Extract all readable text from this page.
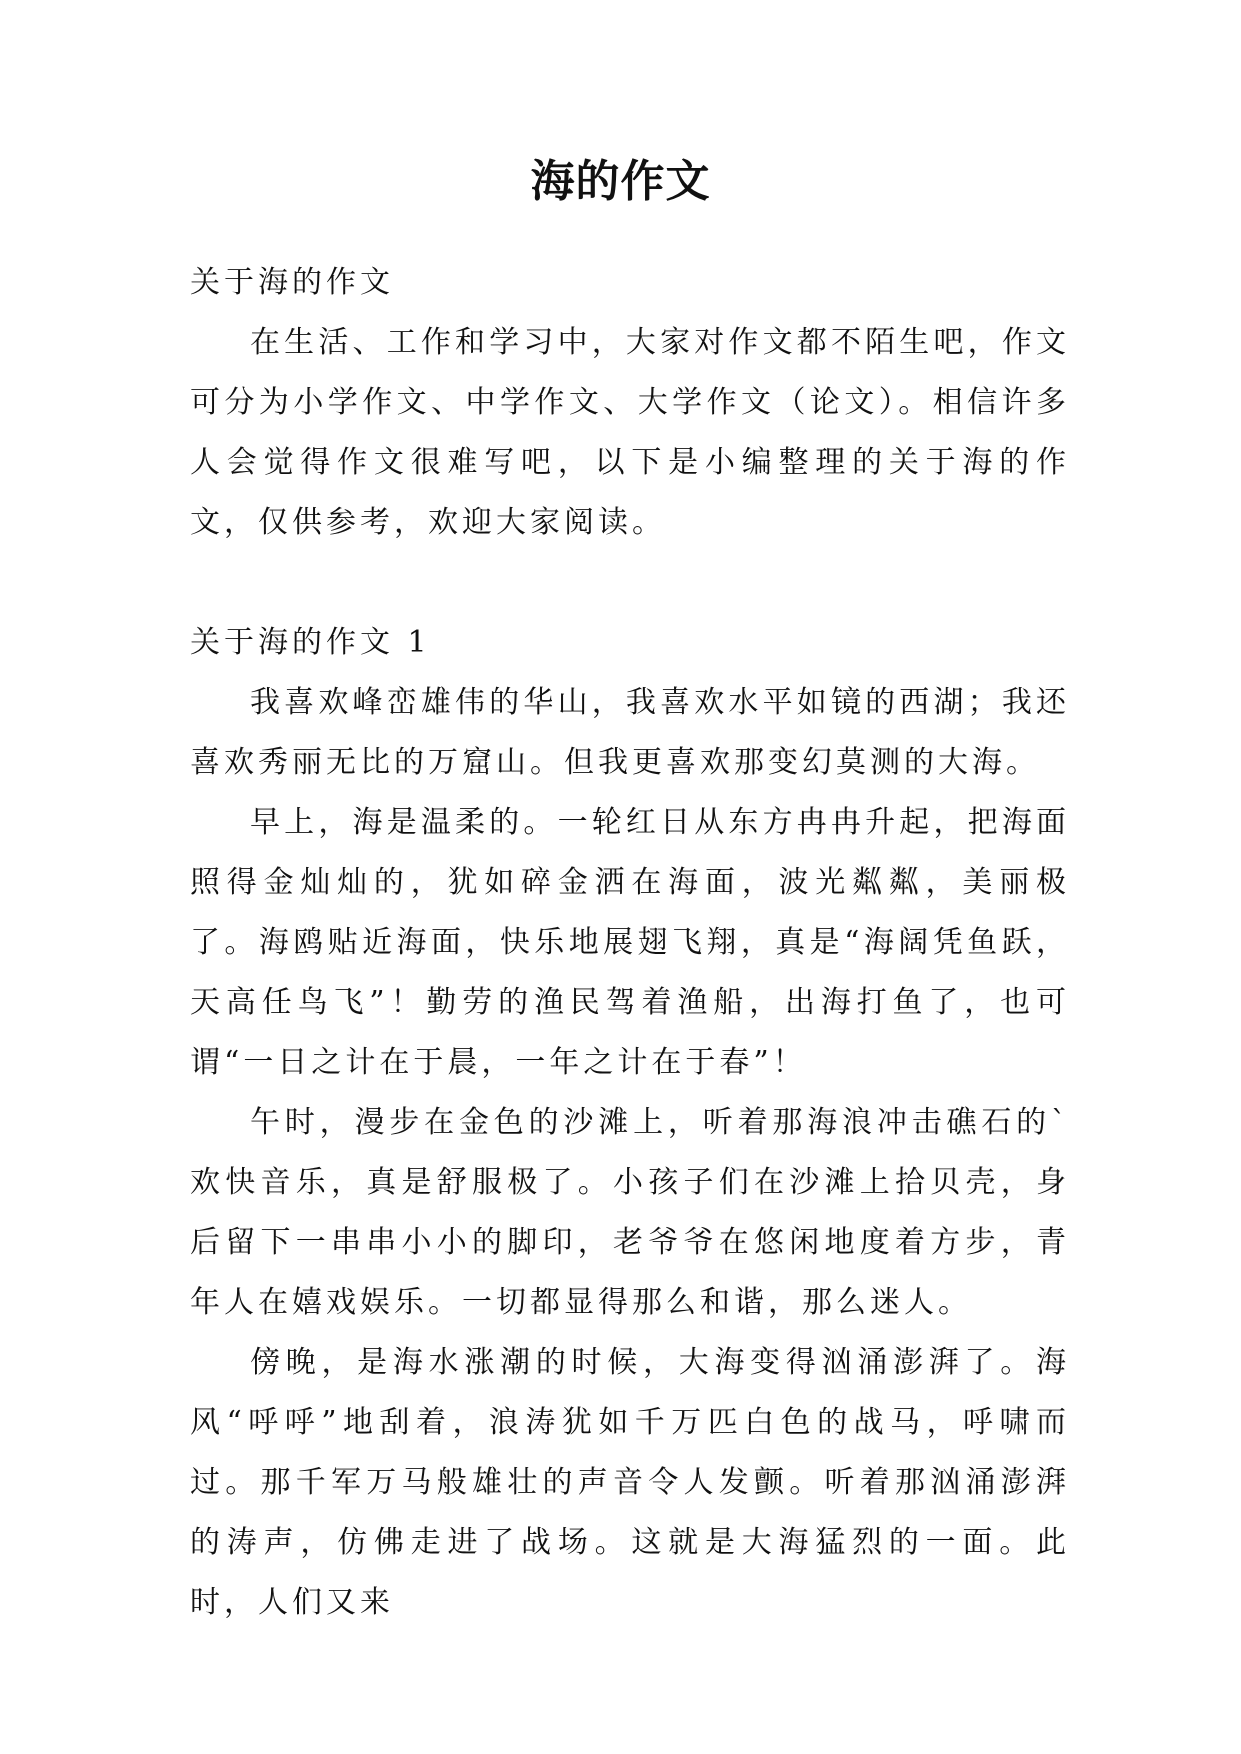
海的作文

关于海的作文

在生活、工作和学习中，大家对作文都不陌生吧，作文可分为小学作文、中学作文、大学作文（论文）。相信许多人会觉得作文很难写吧，以下是小编整理的关于海的作文，仅供参考，欢迎大家阅读。

关于海的作文 1

我喜欢峰峦雄伟的华山，我喜欢水平如镜的西湖；我还喜欢秀丽无比的万窟山。但我更喜欢那变幻莫测的大海。

早上，海是温柔的。一轮红日从东方冉冉升起，把海面照得金灿灿的，犹如碎金洒在海面，波光粼粼，美丽极了。海鸥贴近海面，快乐地展翅飞翔，真是“海阔凭鱼跃，天高任鸟飞”！勤劳的渔民驾着渔船，出海打鱼了，也可谓“一日之计在于晨，一年之计在于春”！

午时，漫步在金色的沙滩上，听着那海浪冲击礁石的`欢快音乐，真是舒服极了。小孩子们在沙滩上拾贝壳，身后留下一串串小小的脚印，老爷爷在悠闲地度着方步，青年人在嬉戏娱乐。一切都显得那么和谐，那么迷人。

傍晚，是海水涨潮的时候，大海变得汹涌澎湃了。海风“呼呼”地刮着，浪涛犹如千万匹白色的战马，呼啸而过。那千军万马般雄壮的声音令人发颤。听着那汹涌澎湃的涛声，仿佛走进了战场。这就是大海猛烈的一面。此时，人们又来
